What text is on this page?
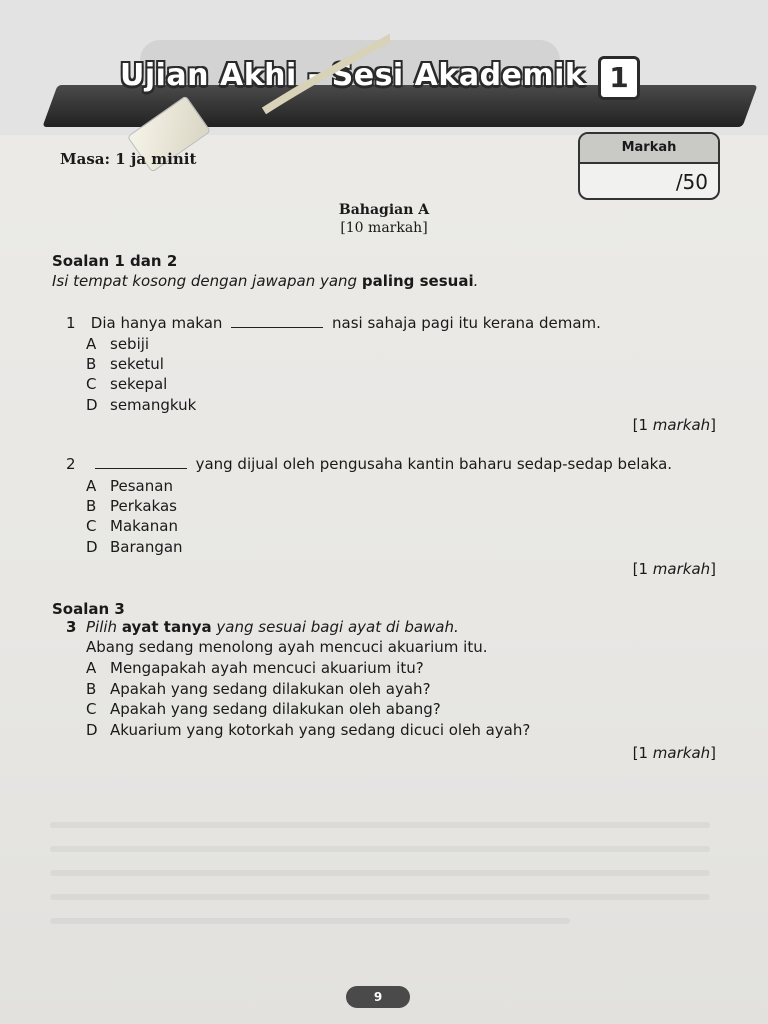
Ujian Akhi - Sesi Akademik 1
Masa: 1 ja minit
Markah
/50
Bahagian A
[10 markah]
Soalan 1 dan 2
Isi tempat kosong dengan jawapan yang paling sesuai.
1 Dia hanya makan	nasi sahaja pagi itu kerana demam.
A sebiji
B seketul
C sekepal
D semangkuk
[1 markah]
2	yang dijual oleh pengusaha kantin baharu sedap-sedap belaka.
A Pesanan
B Perkakas
C Makanan
D Barangan
[1 markah]
Soalan 3
3 Pilih ayat tanya yang sesuai bagi ayat di bawah.
Abang sedang menolong ayah mencuci akuarium itu.
A Mengapakah ayah mencuci akuarium itu?
B Apakah yang sedang dilakukan oleh ayah?
C Apakah yang sedang dilakukan oleh abang?
D Akuarium yang kotorkah yang sedang dicuci oleh ayah?
[1 markah]
9
